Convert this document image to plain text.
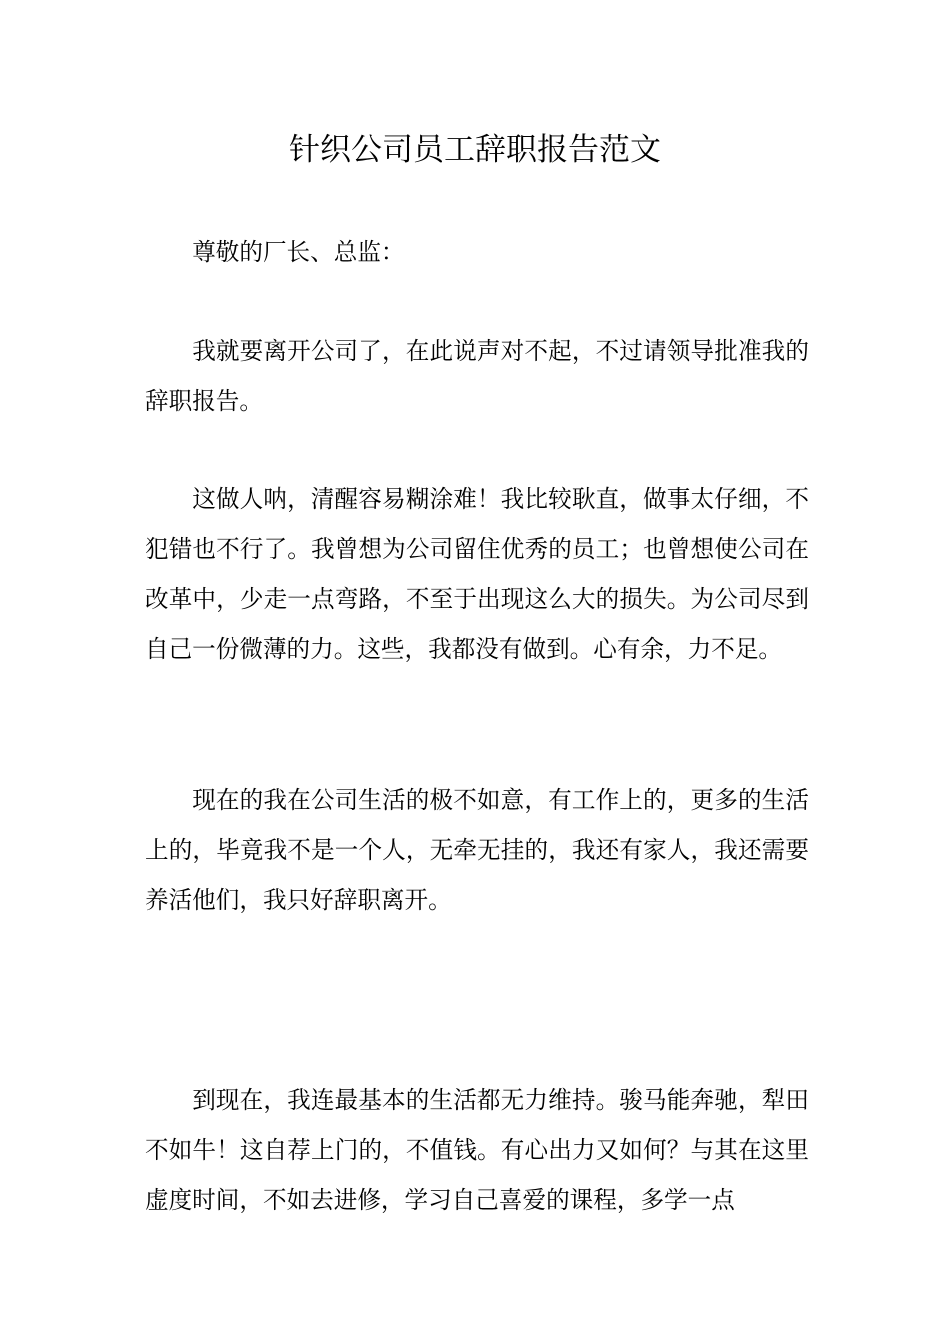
针织公司员工辞职报告范文

尊敬的厂长、总监：

我就要离开公司了，在此说声对不起，不过请领导批准我的辞职报告。

这做人呐，清醒容易糊涂难！我比较耿直，做事太仔细，不犯错也不行了。我曾想为公司留住优秀的员工；也曾想使公司在改革中，少走一点弯路，不至于出现这么大的损失。为公司尽到自己一份微薄的力。这些，我都没有做到。心有余，力不足。

现在的我在公司生活的极不如意，有工作上的，更多的生活上的，毕竟我不是一个人，无牵无挂的，我还有家人，我还需要养活他们，我只好辞职离开。

到现在，我连最基本的生活都无力维持。骏马能奔驰，犁田不如牛！这自荐上门的，不值钱。有心出力又如何？与其在这里虚度时间，不如去进修，学习自己喜爱的课程，多学一点
